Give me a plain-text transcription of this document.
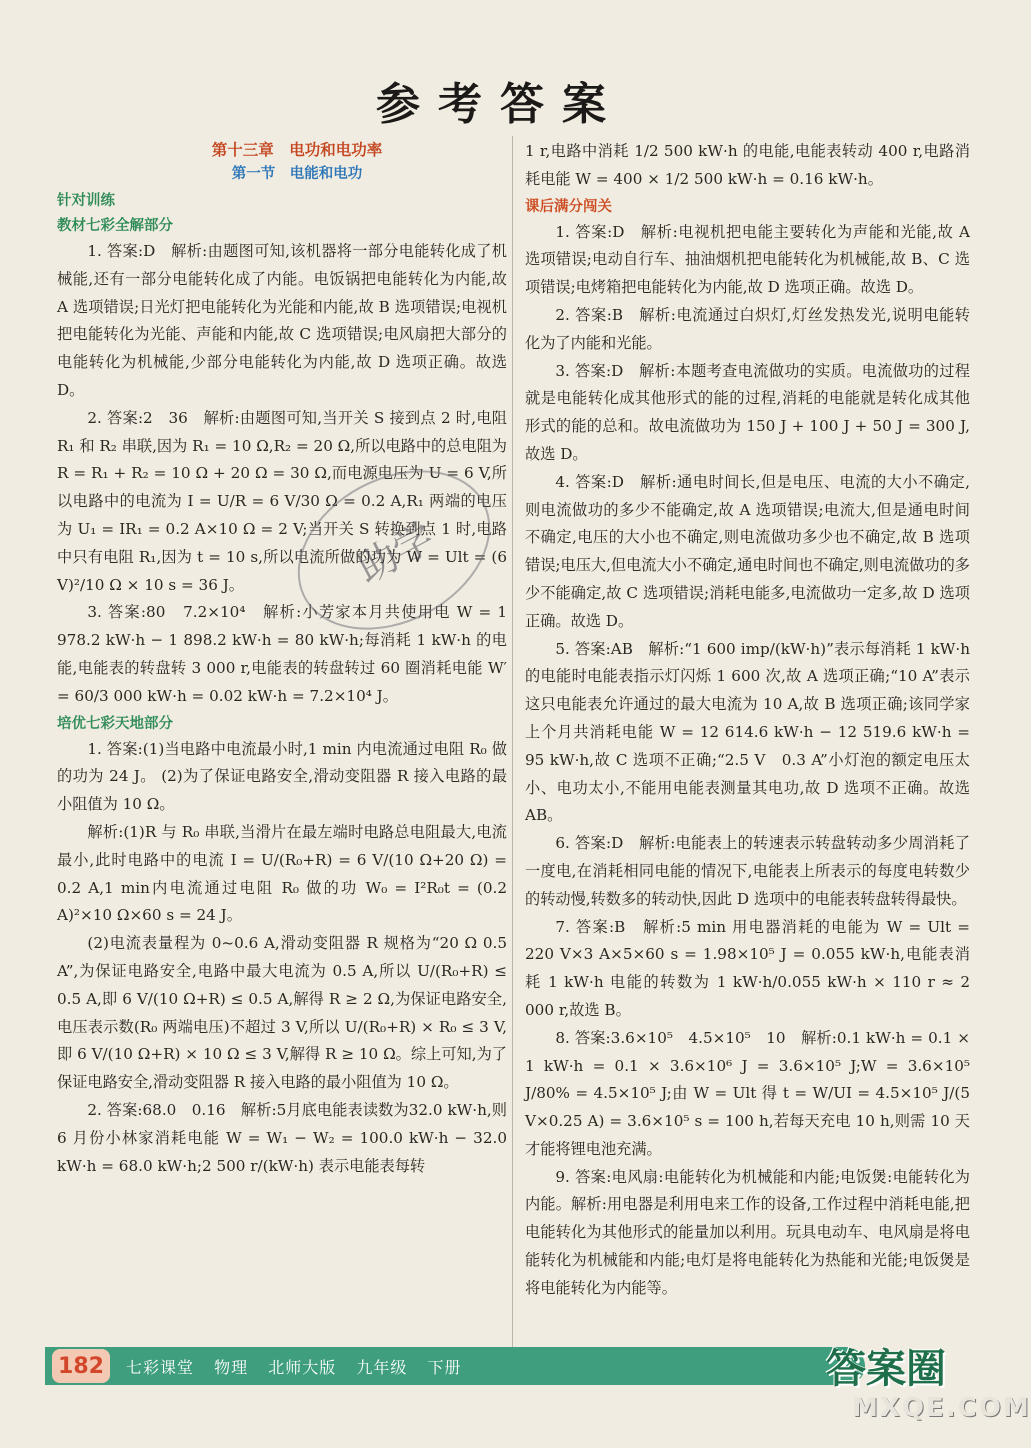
参考答案
第十三章　电功和电功率
第一节　电能和电功
针对训练
教材七彩全解部分

1. 答案:D　解析:由题图可知,该机器将一部分电能转化成了机械能,还有一部分电能转化成了内能。电饭锅把电能转化为内能,故 A 选项错误;日光灯把电能转化为光能和内能,故 B 选项错误;电视机把电能转化为光能、声能和内能,故 C 选项错误;电风扇把大部分的电能转化为机械能,少部分电能转化为内能,故 D 选项正确。故选 D。

2. 答案:2　36　解析:由题图可知,当开关 S 接到点 2 时,电阻 R₁ 和 R₂ 串联,因为 R₁ = 10 Ω,R₂ = 20 Ω,所以电路中的总电阻为 R = R₁ + R₂ = 10 Ω + 20 Ω = 30 Ω,而电源电压为 U = 6 V,所以电路中的电流为 I = U/R = 6 V/30 Ω = 0.2 A,R₁ 两端的电压为 U₁ = IR₁ = 0.2 A×10 Ω = 2 V;当开关 S 转换到点 1 时,电路中只有电阻 R₁,因为 t = 10 s,所以电流所做的功为 W = Ult = (6 V)²/10 Ω × 10 s = 36 J。

3. 答案:80　7.2×10⁴　解析:小芳家本月共使用电 W = 1 978.2 kW·h − 1 898.2 kW·h = 80 kW·h;每消耗 1 kW·h 的电能,电能表的转盘转 3 000 r,电能表的转盘转过 60 圈消耗电能 W′ = 60/3 000 kW·h = 0.02 kW·h = 7.2×10⁴ J。

培优七彩天地部分

1. 答案:(1)当电路中电流最小时,1 min 内电流通过电阻 R₀ 做的功为 24 J。 (2)为了保证电路安全,滑动变阻器 R 接入电路的最小阻值为 10 Ω。

解析:(1)R 与 R₀ 串联,当滑片在最左端时电路总电阻最大,电流最小,此时电路中的电流 I = U/(R₀+R) = 6 V/(10 Ω+20 Ω) = 0.2 A,1 min内电流通过电阻 R₀ 做的功 W₀ = I²R₀t = (0.2 A)²×10 Ω×60 s = 24 J。

(2)电流表量程为 0~0.6 A,滑动变阻器 R 规格为“20 Ω 0.5 A”,为保证电路安全,电路中最大电流为 0.5 A,所以 U/(R₀+R) ≤ 0.5 A,即 6 V/(10 Ω+R) ≤ 0.5 A,解得 R ≥ 2 Ω,为保证电路安全,电压表示数(R₀ 两端电压)不超过 3 V,所以 U/(R₀+R) × R₀ ≤ 3 V,即 6 V/(10 Ω+R) × 10 Ω ≤ 3 V,解得 R ≥ 10 Ω。综上可知,为了保证电路安全,滑动变阻器 R 接入电路的最小阻值为 10 Ω。

2. 答案:68.0　0.16　解析:5月底电能表读数为32.0 kW·h,则 6 月份小林家消耗电能 W = W₁ − W₂ = 100.0 kW·h − 32.0 kW·h = 68.0 kW·h;2 500 r/(kW·h) 表示电能表每转

1 r,电路中消耗 1/2 500 kW·h 的电能,电能表转动 400 r,电路消耗电能 W = 400 × 1/2 500 kW·h = 0.16 kW·h。

课后满分闯关

1. 答案:D　解析:电视机把电能主要转化为声能和光能,故 A 选项错误;电动自行车、抽油烟机把电能转化为机械能,故 B、C 选项错误;电烤箱把电能转化为内能,故 D 选项正确。故选 D。

2. 答案:B　解析:电流通过白炽灯,灯丝发热发光,说明电能转化为了内能和光能。

3. 答案:D　解析:本题考查电流做功的实质。电流做功的过程就是电能转化成其他形式的能的过程,消耗的电能就是转化成其他形式的能的总和。故电流做功为 150 J + 100 J + 50 J = 300 J,故选 D。

4. 答案:D　解析:通电时间长,但是电压、电流的大小不确定,则电流做功的多少不能确定,故 A 选项错误;电流大,但是通电时间不确定,电压的大小也不确定,则电流做功多少也不确定,故 B 选项错误;电压大,但电流大小不确定,通电时间也不确定,则电流做功的多少不能确定,故 C 选项错误;消耗电能多,电流做功一定多,故 D 选项正确。故选 D。

5. 答案:AB　解析:“1 600 imp/(kW·h)”表示每消耗 1 kW·h 的电能时电能表指示灯闪烁 1 600 次,故 A 选项正确;“10 A”表示这只电能表允许通过的最大电流为 10 A,故 B 选项正确;该同学家上个月共消耗电能 W = 12 614.6 kW·h − 12 519.6 kW·h = 95 kW·h,故 C 选项不正确;“2.5 V　0.3 A”小灯泡的额定电压太小、电功太小,不能用电能表测量其电功,故 D 选项不正确。故选 AB。

6. 答案:D　解析:电能表上的转速表示转盘转动多少周消耗了一度电,在消耗相同电能的情况下,电能表上所表示的每度电转数少的转动慢,转数多的转动快,因此 D 选项中的电能表转盘转得最快。

7. 答案:B　解析:5 min 用电器消耗的电能为 W = Ult = 220 V×3 A×5×60 s = 1.98×10⁵ J = 0.055 kW·h,电能表消耗 1 kW·h 电能的转数为 1 kW·h/0.055 kW·h × 110 r ≈ 2 000 r,故选 B。

8. 答案:3.6×10⁵　4.5×10⁵　10　解析:0.1 kW·h = 0.1 × 1 kW·h = 0.1 × 3.6×10⁶ J = 3.6×10⁵ J;W = 3.6×10⁵ J/80% = 4.5×10⁵ J;由 W = Ult 得 t = W/UI = 4.5×10⁵ J/(5 V×0.25 A) = 3.6×10⁵ s = 100 h,若每天充电 10 h,则需 10 天才能将锂电池充满。

9. 答案:电风扇:电能转化为机械能和内能;电饭煲:电能转化为内能。解析:用电器是利用电来工作的设备,工作过程中消耗电能,把电能转化为其他形式的能量加以利用。玩具电动车、电风扇是将电能转化为机械能和内能;电灯是将电能转化为热能和光能;电饭煲是将电能转化为内能等。

助学
182	七彩课堂 物理 北师大版 九年级 下册	答案圈
MXQE.COM
